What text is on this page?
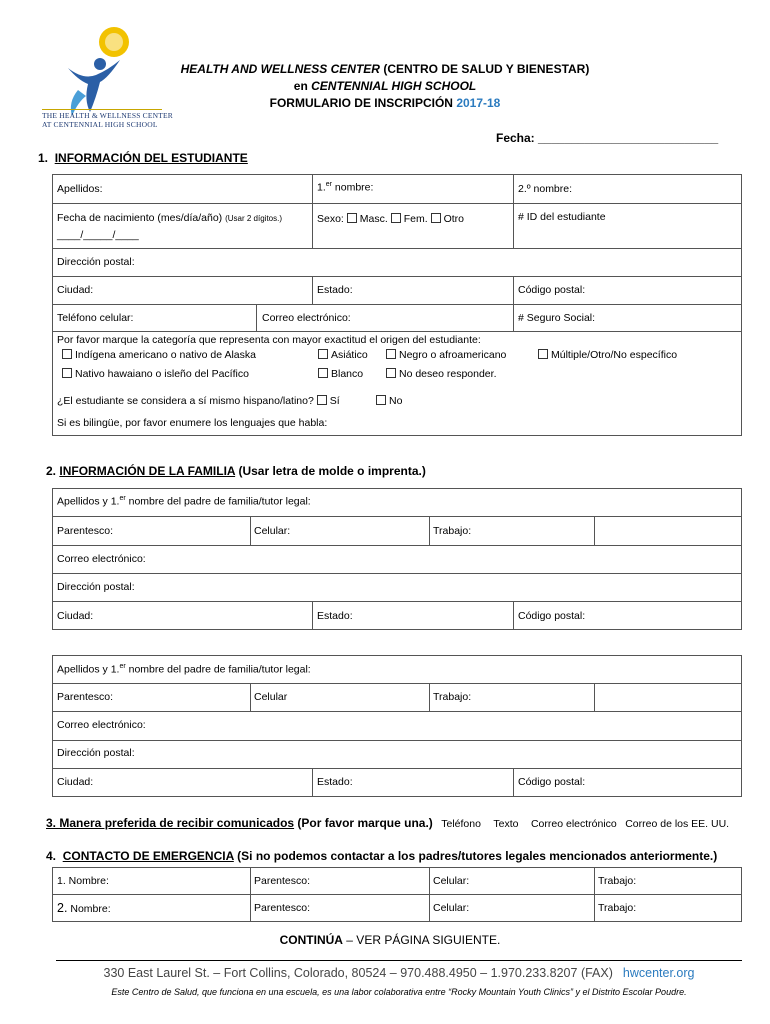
THE HEALTH & WELLNESS CENTER
AT CENTENNIAL HIGH SCHOOL
HEALTH AND WELLNESS CENTER (CENTRO DE SALUD Y BIENESTAR)
en CENTENNIAL HIGH SCHOOL
FORMULARIO DE INSCRIPCIÓN 2017-18
Fecha: ___________________________
1. INFORMACIÓN DEL ESTUDIANTE
Apellidos:	1.$^{er}$ nombre:	2.º nombre:
Fecha de nacimiento (mes/día/año) (Usar 2 dígitos.)
____/_____/____
Sexo: Masc. Fem. Otro	# ID del estudiante
Dirección postal:
Ciudad:	Estado:	Código postal:
Teléfono celular:	Correo electrónico:	# Seguro Social:
Por favor marque la categoría que representa con mayor exactitud el origen del estudiante:
Indígena americano o nativo de Alaska	Asiático	Negro o afroamericano	Múltiple/Otro/No específico
Nativo hawaiano o isleño del Pacífico	Blanco	No deseo responder.
¿El estudiante se considera a sí mismo hispano/latino? Sí	No
Si es bilingüe, por favor enumere los lenguajes que habla:
2. INFORMACIÓN DE LA FAMILIA (Usar letra de molde o imprenta.)
Apellidos y 1.$^{er}$ nombre del padre de familia/tutor legal:
Parentesco:	Celular:	Trabajo:
Correo electrónico:
Dirección postal:
Ciudad:	Estado:	Código postal:
Apellidos y 1.$^{er}$ nombre del padre de familia/tutor legal:
Parentesco:	Celular	Trabajo:
Correo electrónico:
Dirección postal:
Ciudad:	Estado:	Código postal:
3. Manera preferida de recibir comunicados (Por favor marque una.) Teléfono Texto Correo electrónico Correo de los EE. UU.
4. CONTACTO DE EMERGENCIA (Si no podemos contactar a los padres/tutores legales mencionados anteriormente.)
1. Nombre:	Parentesco:	Celular:	Trabajo:
2. Nombre:	Parentesco:	Celular:	Trabajo:
CONTINÚA – VER PÁGINA SIGUIENTE.
330 East Laurel St. – Fort Collins, Colorado, 80524 – 970.488.4950 – 1.970.233.8207 (FAX) hwcenter.org
Este Centro de Salud, que funciona en una escuela, es una labor colaborativa entre “Rocky Mountain Youth Clinics” y el Distrito Escolar Poudre.
